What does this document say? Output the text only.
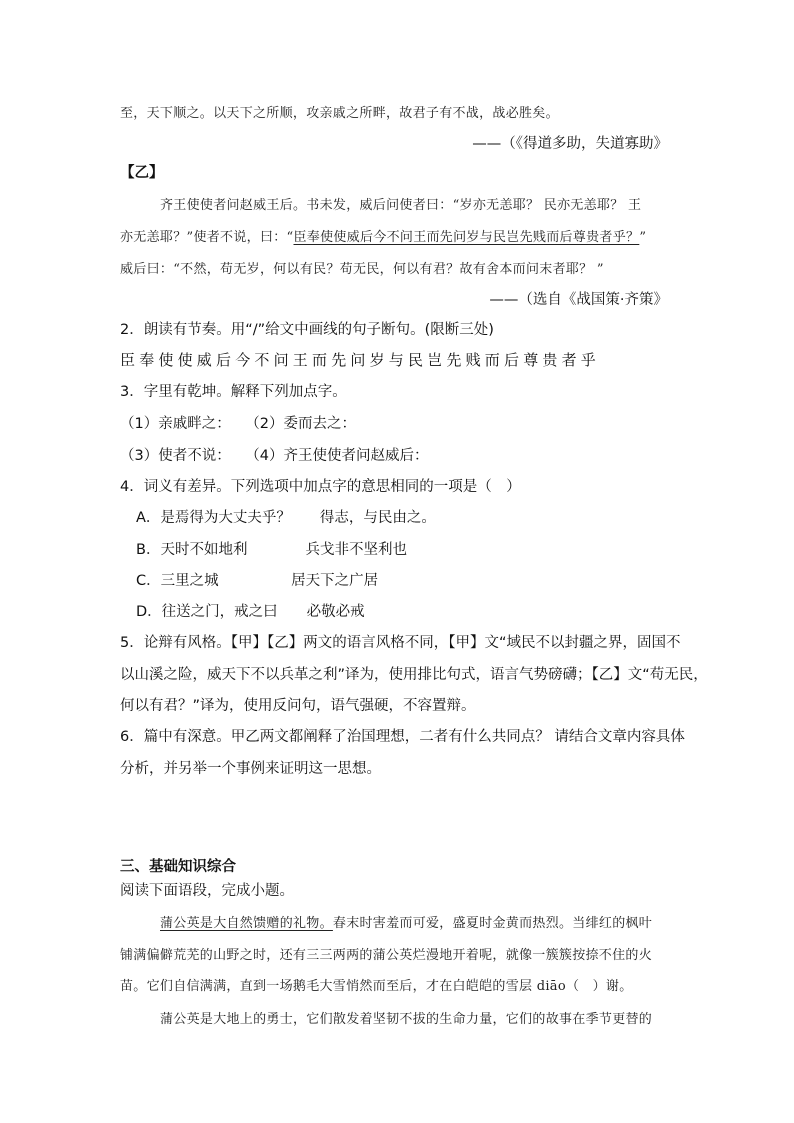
至，天下顺之。以天下之所顺，攻亲戚之所畔，故君子有不战，战必胜矣。
——（《得道多助，失道寡助》
【乙】
齐王使使者问赵威王后。书未发，威后问使者曰：“岁亦无恙耶？ 民亦无恙耶？ 王
亦无恙耶？”使者不说，曰：“臣奉使使威后今不问王而先问岁与民岂先贱而后尊贵者乎？”
威后曰：“不然，苟无岁，何以有民？苟无民，何以有君？故有舍本而问末者耶？ ”
——（选自《战国策·齐策》
2．朗读有节奏。用“/”给文中画线的句子断句。(限断三处)
臣奉使使威后今不问王而先问岁与民岂先贱而后尊贵者乎
3．字里有乾坤。解释下列加点字。
（1）亲戚畔之：　　（2）委而去之：
（3）使者不说：　　（4）齐王使使者问赵威后：
4．词义有差异。下列选项中加点字的意思相同的一项是（　）
A．是焉得为大丈夫乎？　　得志，与民由之。
B．天时不如地利　　　　兵戈非不坚利也
C．三里之城　　　　　居天下之广居
D．往送之门，戒之曰　　必敬必戒
5．论辩有风格。【甲】【乙】两文的语言风格不同，【甲】文“域民不以封疆之界，固国不
以山溪之险，威天下不以兵革之利”译为，使用排比句式，语言气势磅礴；【乙】文“苟无民，
何以有君？”译为，使用反问句，语气强硬，不容置辩。
6．篇中有深意。甲乙两文都阐释了治国理想，二者有什么共同点？ 请结合文章内容具体
分析，并另举一个事例来证明这一思想。
三、基础知识综合
阅读下面语段，完成小题。
蒲公英是大自然馈赠的礼物。春末时害羞而可爱，盛夏时金黄而热烈。当绯红的枫叶
铺满偏僻荒芜的山野之时，还有三三两两的蒲公英烂漫地开着呢，就像一簇簇按捺不住的火
苗。它们自信满满，直到一场鹅毛大雪悄然而至后，才在白皑皑的雪层 diāo（　）谢。
蒲公英是大地上的勇士，它们散发着坚韧不拔的生命力量，它们的故事在季节更替的
